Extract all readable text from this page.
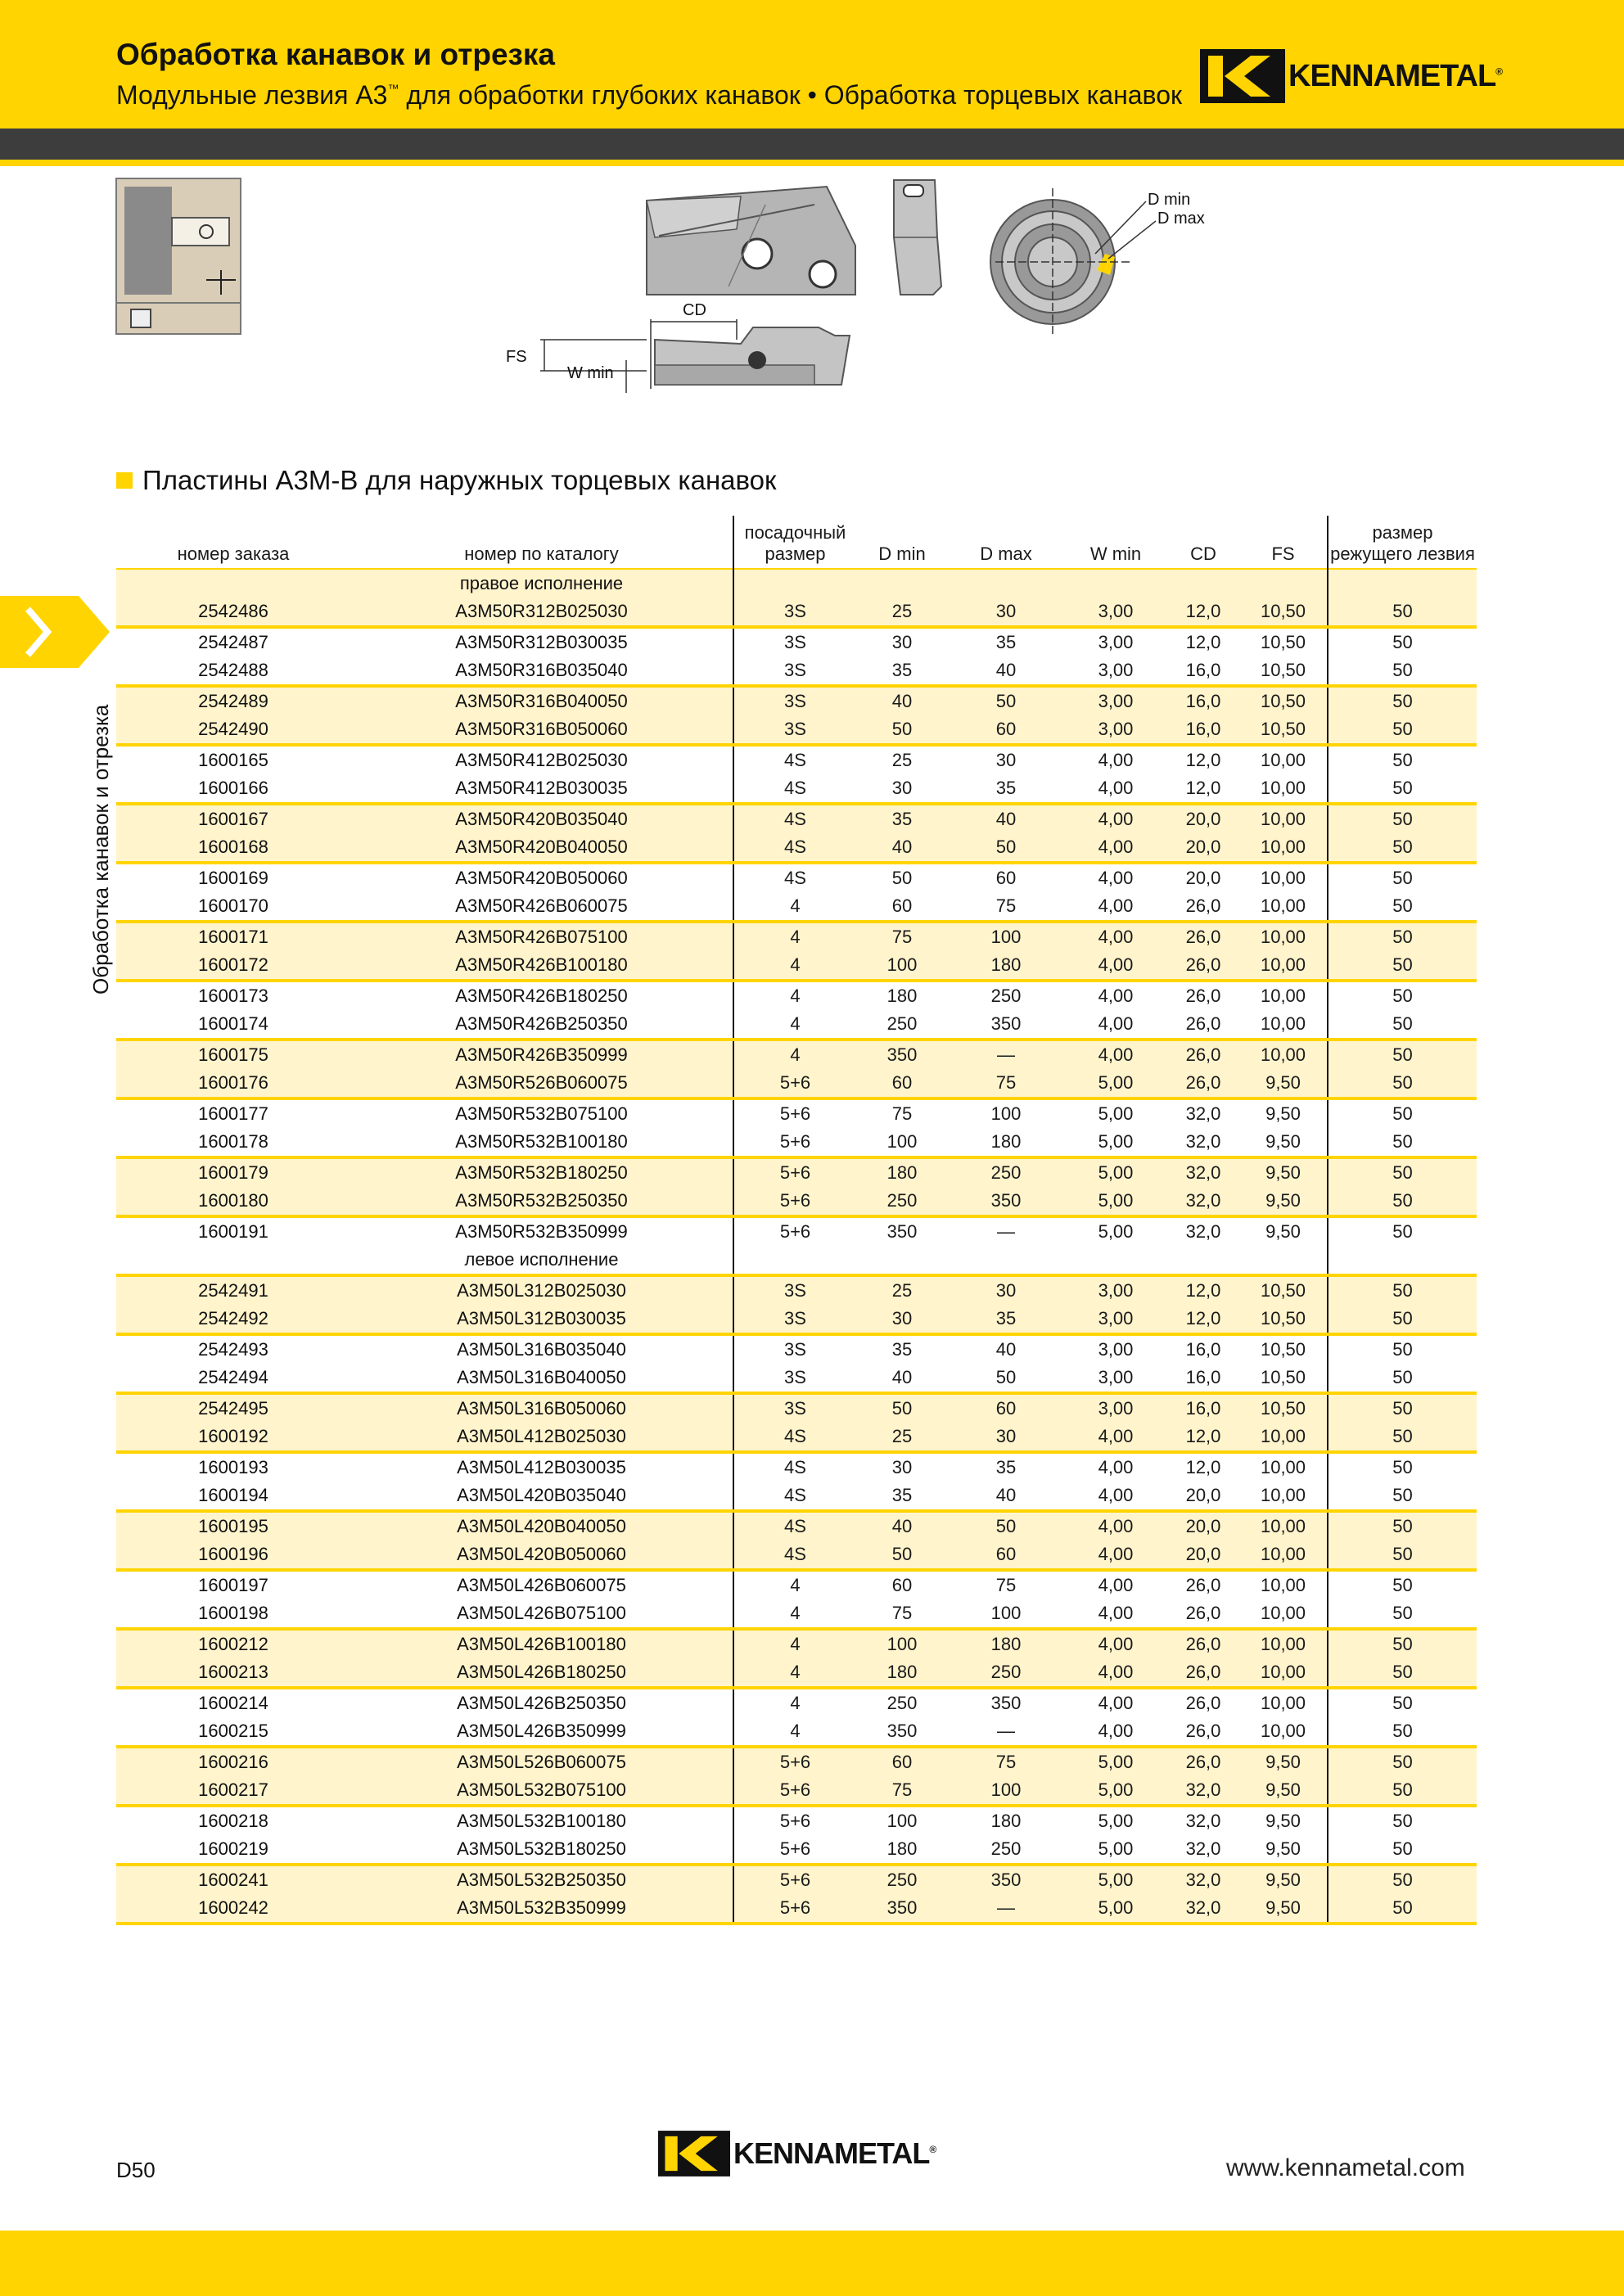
Обработка канавок и отрезка
Модульные лезвия A3™ для обработки глубоких канавок • Обработка торцевых канавок
KENNAMETAL®
Обработка канавок и отрезка
D min
D max
CD
FS
W min
Пластины A3M-B для наружных торцевых канавок
номер заказа	номер по каталогу	посадочный
размер	D min	D max	W min	CD	FS	размер
режущего лезвия
	правое исполнение							
2542486	A3M50R312B025030	3S	25	30	3,00	12,0	10,50	50
2542487	A3M50R312B030035	3S	30	35	3,00	12,0	10,50	50
2542488	A3M50R316B035040	3S	35	40	3,00	16,0	10,50	50
2542489	A3M50R316B040050	3S	40	50	3,00	16,0	10,50	50
2542490	A3M50R316B050060	3S	50	60	3,00	16,0	10,50	50
1600165	A3M50R412B025030	4S	25	30	4,00	12,0	10,00	50
1600166	A3M50R412B030035	4S	30	35	4,00	12,0	10,00	50
1600167	A3M50R420B035040	4S	35	40	4,00	20,0	10,00	50
1600168	A3M50R420B040050	4S	40	50	4,00	20,0	10,00	50
1600169	A3M50R420B050060	4S	50	60	4,00	20,0	10,00	50
1600170	A3M50R426B060075	4	60	75	4,00	26,0	10,00	50
1600171	A3M50R426B075100	4	75	100	4,00	26,0	10,00	50
1600172	A3M50R426B100180	4	100	180	4,00	26,0	10,00	50
1600173	A3M50R426B180250	4	180	250	4,00	26,0	10,00	50
1600174	A3M50R426B250350	4	250	350	4,00	26,0	10,00	50
1600175	A3M50R426B350999	4	350	—	4,00	26,0	10,00	50
1600176	A3M50R526B060075	5+6	60	75	5,00	26,0	9,50	50
1600177	A3M50R532B075100	5+6	75	100	5,00	32,0	9,50	50
1600178	A3M50R532B100180	5+6	100	180	5,00	32,0	9,50	50
1600179	A3M50R532B180250	5+6	180	250	5,00	32,0	9,50	50
1600180	A3M50R532B250350	5+6	250	350	5,00	32,0	9,50	50
1600191	A3M50R532B350999	5+6	350	—	5,00	32,0	9,50	50
	левое исполнение							
2542491	A3M50L312B025030	3S	25	30	3,00	12,0	10,50	50
2542492	A3M50L312B030035	3S	30	35	3,00	12,0	10,50	50
2542493	A3M50L316B035040	3S	35	40	3,00	16,0	10,50	50
2542494	A3M50L316B040050	3S	40	50	3,00	16,0	10,50	50
2542495	A3M50L316B050060	3S	50	60	3,00	16,0	10,50	50
1600192	A3M50L412B025030	4S	25	30	4,00	12,0	10,00	50
1600193	A3M50L412B030035	4S	30	35	4,00	12,0	10,00	50
1600194	A3M50L420B035040	4S	35	40	4,00	20,0	10,00	50
1600195	A3M50L420B040050	4S	40	50	4,00	20,0	10,00	50
1600196	A3M50L420B050060	4S	50	60	4,00	20,0	10,00	50
1600197	A3M50L426B060075	4	60	75	4,00	26,0	10,00	50
1600198	A3M50L426B075100	4	75	100	4,00	26,0	10,00	50
1600212	A3M50L426B100180	4	100	180	4,00	26,0	10,00	50
1600213	A3M50L426B180250	4	180	250	4,00	26,0	10,00	50
1600214	A3M50L426B250350	4	250	350	4,00	26,0	10,00	50
1600215	A3M50L426B350999	4	350	—	4,00	26,0	10,00	50
1600216	A3M50L526B060075	5+6	60	75	5,00	26,0	9,50	50
1600217	A3M50L532B075100	5+6	75	100	5,00	32,0	9,50	50
1600218	A3M50L532B100180	5+6	100	180	5,00	32,0	9,50	50
1600219	A3M50L532B180250	5+6	180	250	5,00	32,0	9,50	50
1600241	A3M50L532B250350	5+6	250	350	5,00	32,0	9,50	50
1600242	A3M50L532B350999	5+6	350	—	5,00	32,0	9,50	50
D50	KENNAMETAL®
www.kennametal.com
